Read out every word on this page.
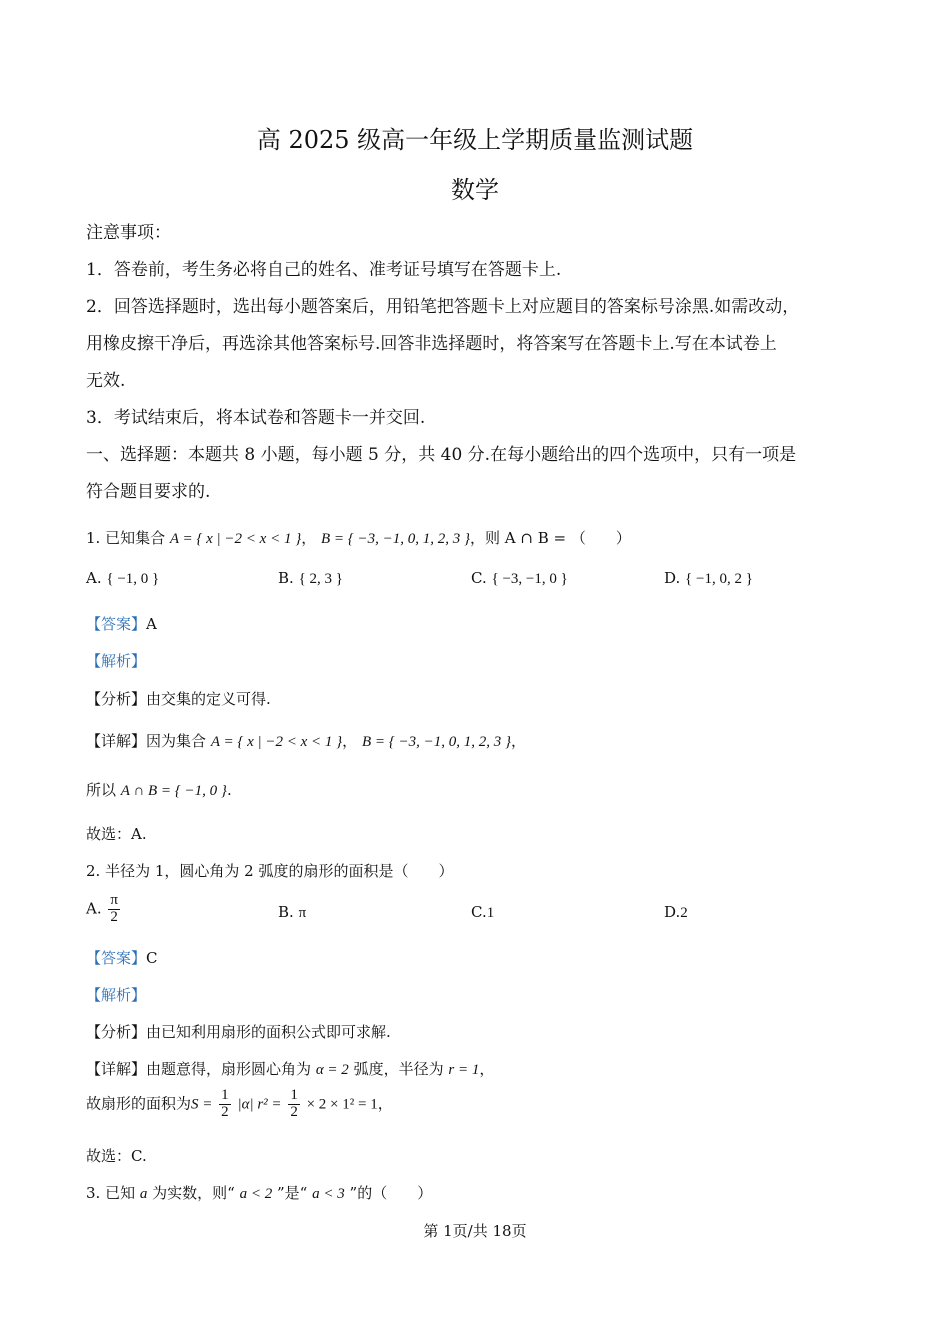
高 2025 级高一年级上学期质量监测试题
数学
注意事项：
1．答卷前，考生务必将自己的姓名、准考证号填写在答题卡上.
2．回答选择题时，选出每小题答案后，用铅笔把答题卡上对应题目的答案标号涂黑.如需改动，
用橡皮擦干净后，再选涂其他答案标号.回答非选择题时，将答案写在答题卡上.写在本试卷上
无效.
3．考试结束后，将本试卷和答题卡一并交回.
一、选择题：本题共 8 小题，每小题 5 分，共 40 分.在每小题给出的四个选项中，只有一项是
符合题目要求的.
1. 已知集合 A = { x | −2 < x < 1 }， B = { −3, −1, 0, 1, 2, 3 }，则 A ∩ B = （　　）
A. { −1, 0 }	B. { 2, 3 }	C. { −3, −1, 0 }	D. { −1, 0, 2 }
【答案】A
【解析】
【分析】由交集的定义可得.
【详解】因为集合 A = { x | −2 < x < 1 }， B = { −3, −1, 0, 1, 2, 3 }，
所以 A ∩ B = { −1, 0 }.
故选：A.
2. 半径为 1，圆心角为 2 弧度的扇形的面积是（　　）
A. $\frac{\pi}{2}$	B. π	C.1	D.2
【答案】C
【解析】
【分析】由已知利用扇形的面积公式即可求解.
【详解】由题意得，扇形圆心角为 α = 2 弧度，半径为 r = 1，
故扇形的面积为$S = \frac{1}{2} |\alpha|$ $r^2 = \frac{1}{2} \times 2 \times 1^2 = 1$，
故选：C.
3. 已知 a 为实数，则“ a < 2 ”是“ a < 3 ”的（　　）
第 1页/共 18页
